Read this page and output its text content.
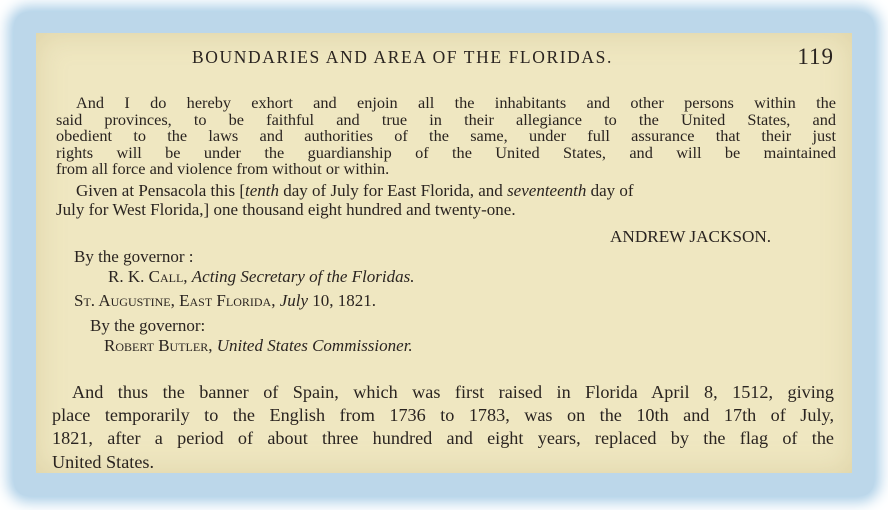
BOUNDARIES AND AREA OF THE FLORIDAS.	119
And I do hereby exhort and enjoin all the inhabitants and other persons within the
said provinces, to be faithful and true in their allegiance to the United States, and
obedient to the laws and authorities of the same, under full assurance that their just
rights will be under the guardianship of the United States, and will be maintained
from all force and violence from without or within.
Given at Pensacola this [tenth day of July for East Florida, and seventeenth day of
July for West Florida,] one thousand eight hundred and twenty-one.
ANDREW JACKSON.
By the governor :
R. K. Call, Acting Secretary of the Floridas.
St. Augustine, East Florida, July 10, 1821.
By the governor:
Robert Butler, United States Commissioner.
And thus the banner of Spain, which was first raised in Florida April 8, 1512, giving
place temporarily to the English from 1736 to 1783, was on the 10th and 17th of July,
1821, after a period of about three hundred and eight years, replaced by the flag of the
United States.
